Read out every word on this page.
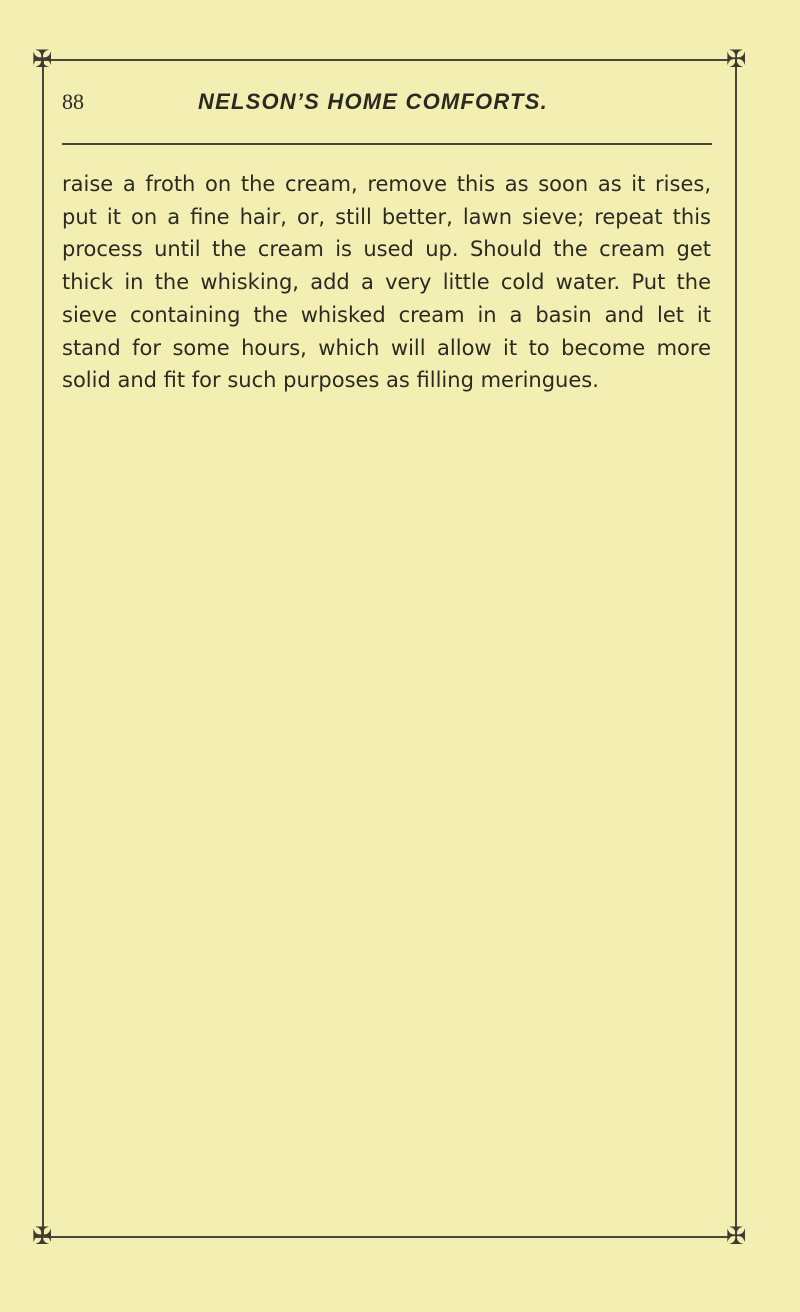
✠	✠
✠	✠
88	NELSON’S HOME COMFORTS.

raise a froth on the cream, remove this as soon as it rises, put it on a fine hair, or, still better, lawn sieve; repeat this process until the cream is used up. Should the cream get thick in the whisking, add a very little cold water. Put the sieve containing the whisked cream in a basin and let it stand for some hours, which will allow it to become more solid and fit for such purposes as filling meringues.
